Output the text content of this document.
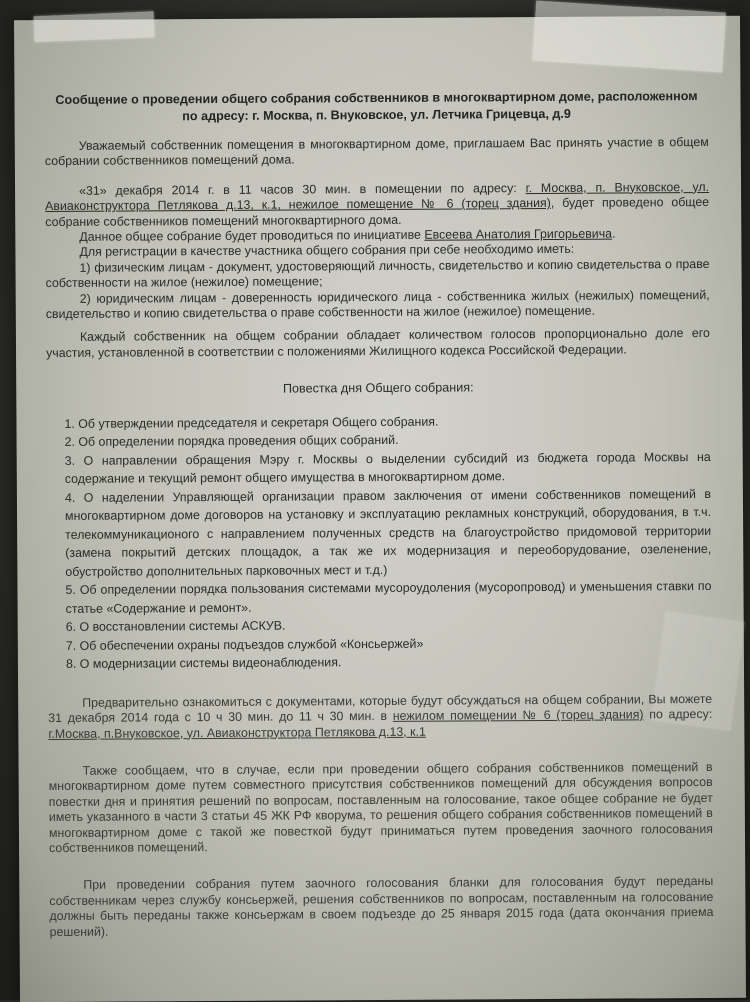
Сообщение о проведении общего собрания собственников в многоквартирном доме, расположенном по адресу: г. Москва, п. Внуковское, ул. Летчика Грицевца, д.9

Уважаемый собственник помещения в многоквартирном доме, приглашаем Вас принять участие в общем собрании собственников помещений дома.

«31» декабря 2014 г. в 11 часов 30 мин. в помещении по адресу: г. Москва, п. Внуковское, ул. Авиаконструктора Петлякова д.13, к.1, нежилое помещение № 6 (торец здания), будет проведено общее собрание собственников помещений многоквартирного дома.

Данное общее собрание будет проводиться по инициативе Евсеева Анатолия Григорьевича.

Для регистрации в качестве участника общего собрания при себе необходимо иметь:

1) физическим лицам - документ, удостоверяющий личность, свидетельство и копию свидетельства о праве собственности на жилое (нежилое) помещение;

2) юридическим лицам - доверенность юридического лица - собственника жилых (нежилых) помещений, свидетельство и копию свидетельства о праве собственности на жилое (нежилое) помещение.

Каждый собственник на общем собрании обладает количеством голосов пропорционально доле его участия, установленной в соответствии с положениями Жилищного кодекса Российской Федерации.

Повестка дня Общего собрания:

1. Об утверждении председателя и секретаря Общего собрания.

2. Об определении порядка проведения общих собраний.

3. О направлении обращения Мэру г. Москвы о выделении субсидий из бюджета города Москвы на содержание и текущий ремонт общего имущества в многоквартирном доме.

4. О наделении Управляющей организации правом заключения от имени собственников помещений в многоквартирном доме договоров на установку и эксплуатацию рекламных конструкций, оборудования, в т.ч. телекоммуникационого с направлением полученных средств на благоустройство придомовой территории (замена покрытий детских площадок, а так же их модернизация и переоборудование, озеленение, обустройство дополнительных парковочных мест и т.д.)

5. Об определении порядка пользования системами мусороудоления (мусоропровод) и уменьшения ставки по статье «Содержание и ремонт».

6. О восстановлении системы АСКУВ.

7. Об обеспечении охраны подъездов службой «Консьержей»

8. О модернизации системы видеонаблюдения.

Предварительно ознакомиться с документами, которые будут обсуждаться на общем собрании, Вы можете 31 декабря 2014 года с 10 ч 30 мин. до 11 ч 30 мин. в нежилом помещении № 6 (торец здания) по адресу: г.Москва, п.Внуковское, ул. Авиаконструктора Петлякова д.13, к.1

Также сообщаем, что в случае, если при проведении общего собрания собственников помещений в многоквартирном доме путем совместного присутствия собственников помещений для обсуждения вопросов повестки дня и принятия решений по вопросам, поставленным на голосование, такое общее собрание не будет иметь указанного в части 3 статьи 45 ЖК РФ кворума, то решения общего собрания собственников помещений в многоквартирном доме с такой же повесткой будут приниматься путем проведения заочного голосования собственников помещений.

При проведении собрания путем заочного голосования бланки для голосования будут переданы собственникам через службу консьержей, решения собственников по вопросам, поставленным на голосование должны быть переданы также консьержам в своем подъезде до 25 января 2015 года (дата окончания приема решений).
